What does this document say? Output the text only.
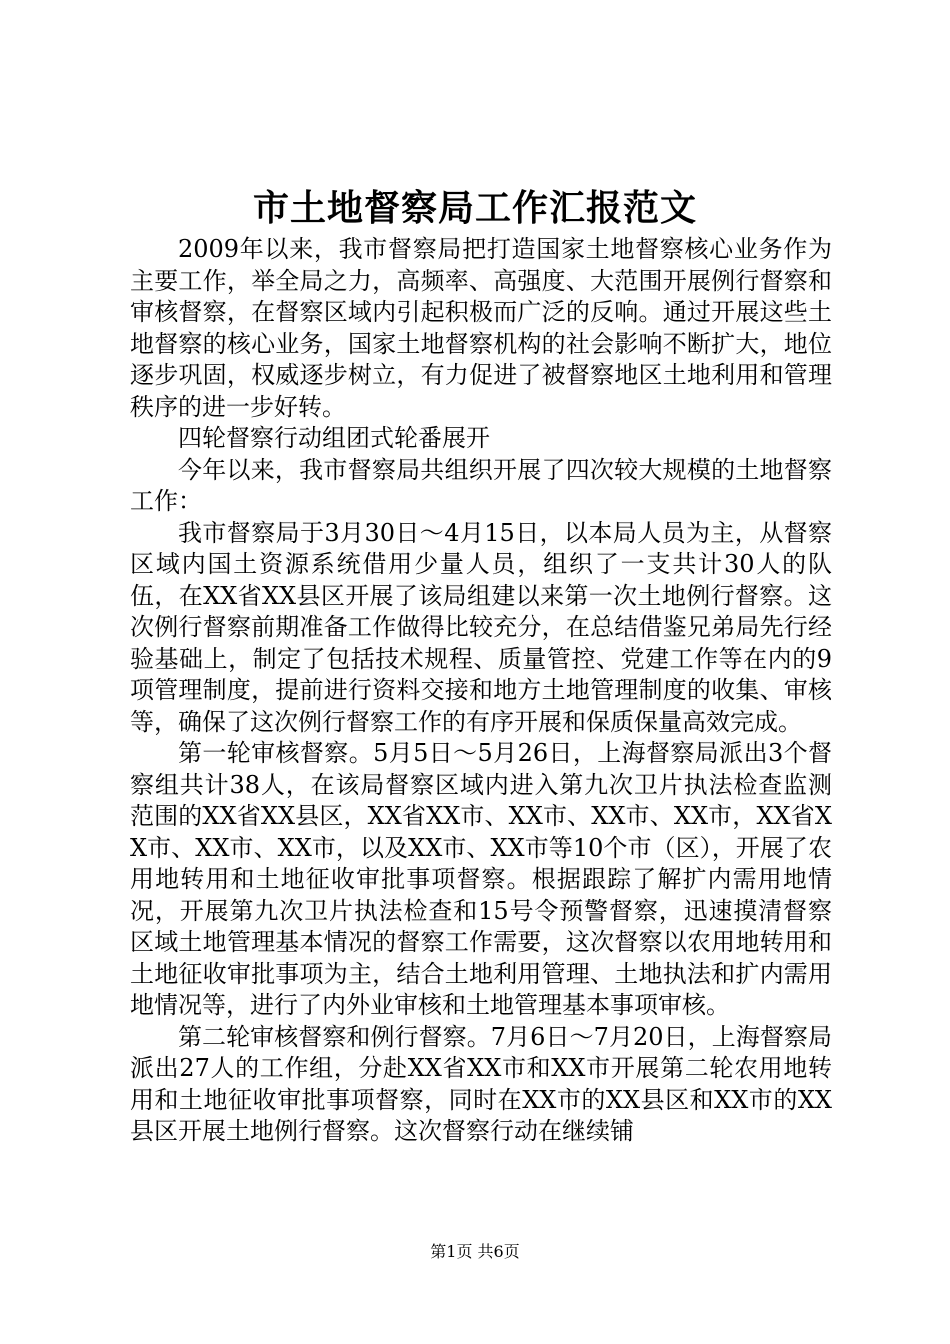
市土地督察局工作汇报范文

2009年以来，我市督察局把打造国家土地督察核心业务作为主要工作，举全局之力，高频率、高强度、大范围开展例行督察和审核督察，在督察区域内引起积极而广泛的反响。通过开展这些土地督察的核心业务，国家土地督察机构的社会影响不断扩大，地位逐步巩固，权威逐步树立，有力促进了被督察地区土地利用和管理秩序的进一步好转。

四轮督察行动组团式轮番展开

今年以来，我市督察局共组织开展了四次较大规模的土地督察工作：

我市督察局于3月30日～4月15日，以本局人员为主，从督察区域内国土资源系统借用少量人员，组织了一支共计30人的队伍，在XX省XX县区开展了该局组建以来第一次土地例行督察。这次例行督察前期准备工作做得比较充分，在总结借鉴兄弟局先行经验基础上，制定了包括技术规程、质量管控、党建工作等在内的9项管理制度，提前进行资料交接和地方土地管理制度的收集、审核等，确保了这次例行督察工作的有序开展和保质保量高效完成。

第一轮审核督察。5月5日～5月26日，上海督察局派出3个督察组共计38人，在该局督察区域内进入第九次卫片执法检查监测范围的XX省XX县区，XX省XX市、XX市、XX市、XX市，XX省XX市、XX市、XX市，以及XX市、XX市等10个市（区），开展了农用地转用和土地征收审批事项督察。根据跟踪了解扩内需用地情况，开展第九次卫片执法检查和15号令预警督察，迅速摸清督察区域土地管理基本情况的督察工作需要，这次督察以农用地转用和土地征收审批事项为主，结合土地利用管理、土地执法和扩内需用地情况等，进行了内外业审核和土地管理基本事项审核。

第二轮审核督察和例行督察。7月6日～7月20日，上海督察局派出27人的工作组，分赴XX省XX市和XX市开展第二轮农用地转用和土地征收审批事项督察，同时在XX市的XX县区和XX市的XX县区开展土地例行督察。这次督察行动在继续铺

第1页 共6页
